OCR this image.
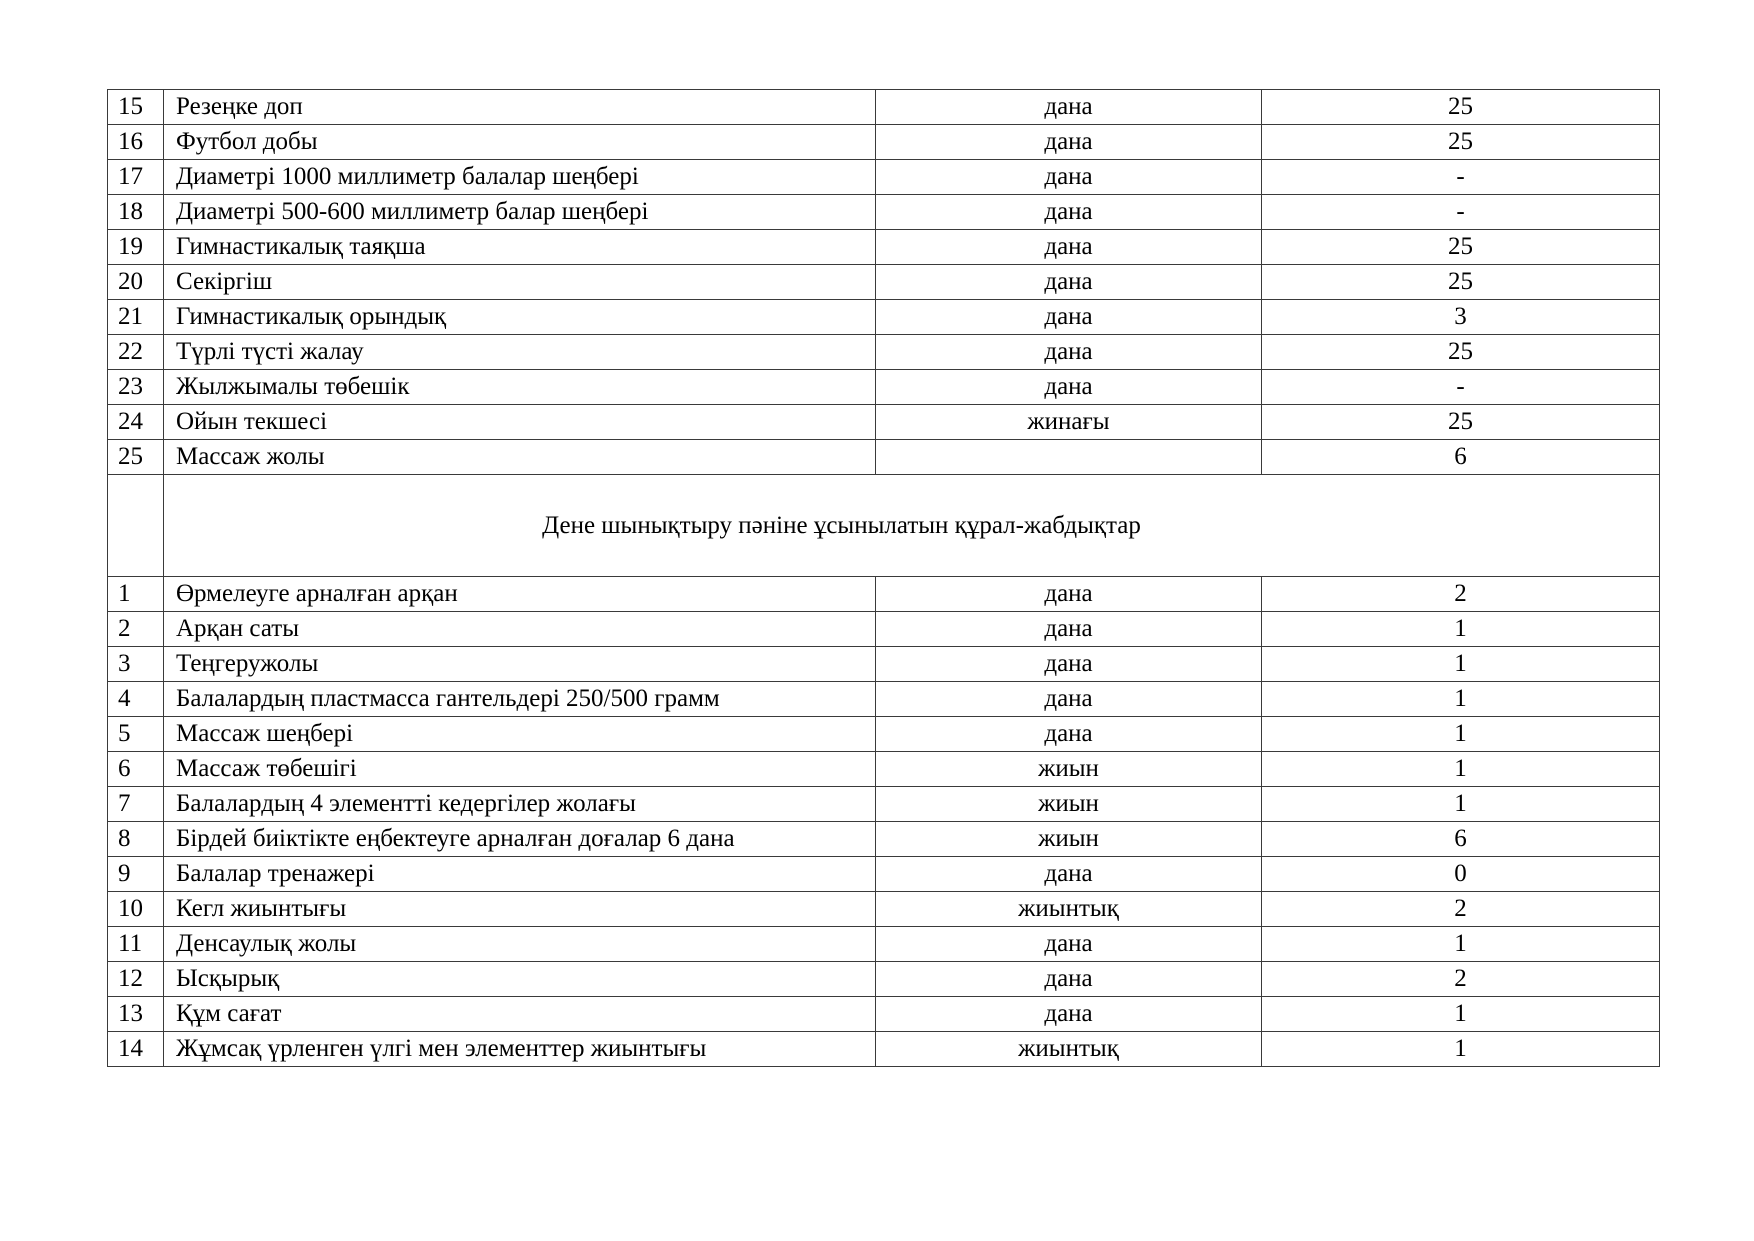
15	Резеңке доп	дана	25
16	Футбол добы	дана	25
17	Диаметрі 1000 миллиметр балалар шеңбері	дана	-
18	Диаметрі 500-600 миллиметр балар шеңбері	дана	-
19	Гимнастикалық таяқша	дана	25
20	Секіргіш	дана	25
21	Гимнастикалық орындық	дана	3
22	Түрлі түсті жалау	дана	25
23	Жылжымалы төбешік	дана	-
24	Ойын текшесі	жинағы	25
25	Массаж жолы		6
	Дене шынықтыру пәніне ұсынылатын құрал-жабдықтар		
1	Өрмелеуге арналған арқан	дана	2
2	Арқан саты	дана	1
3	Теңгеружолы	дана	1
4	Балалардың пластмасса гантельдері 250/500 грамм	дана	1
5	Массаж шеңбері	дана	1
6	Массаж төбешігі	жиын	1
7	Балалардың 4 элементті кедергілер жолағы	жиын	1
8	Бірдей биіктікте еңбектеуге арналған доғалар 6 дана	жиын	6
9	Балалар тренажері	дана	0
10	Кегл жиынтығы	жиынтық	2
11	Денсаулық жолы	дана	1
12	Ысқырық	дана	2
13	Құм сағат	дана	1
14	Жұмсақ үрленген үлгі мен элементтер жиынтығы	жиынтық	1
